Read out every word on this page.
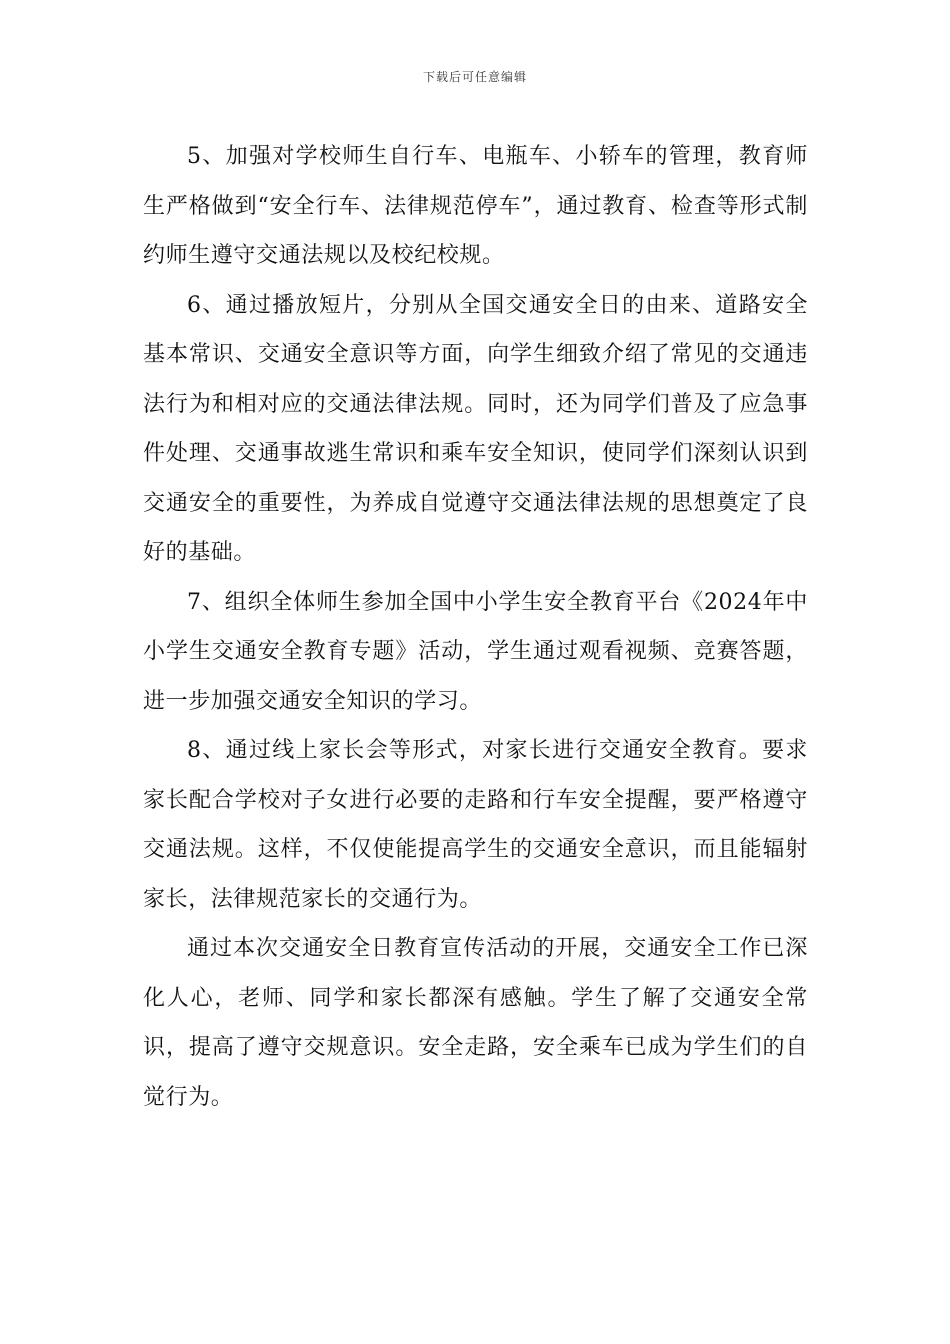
下载后可任意编辑

5、加强对学校师生自行车、电瓶车、小轿车的管理，教育师生严格做到“安全行车、法律规范停车”，通过教育、检查等形式制约师生遵守交通法规以及校纪校规。

6、通过播放短片，分别从全国交通安全日的由来、道路安全基本常识、交通安全意识等方面，向学生细致介绍了常见的交通违法行为和相对应的交通法律法规。同时，还为同学们普及了应急事件处理、交通事故逃生常识和乘车安全知识，使同学们深刻认识到交通安全的重要性，为养成自觉遵守交通法律法规的思想奠定了良好的基础。

7、组织全体师生参加全国中小学生安全教育平台《2024年中小学生交通安全教育专题》活动，学生通过观看视频、竞赛答题，进一步加强交通安全知识的学习。

8、通过线上家长会等形式，对家长进行交通安全教育。要求家长配合学校对子女进行必要的走路和行车安全提醒，要严格遵守交通法规。这样，不仅使能提高学生的交通安全意识，而且能辐射家长，法律规范家长的交通行为。

通过本次交通安全日教育宣传活动的开展，交通安全工作已深化人心，老师、同学和家长都深有感触。学生了解了交通安全常识，提高了遵守交规意识。安全走路，安全乘车已成为学生们的自觉行为。
